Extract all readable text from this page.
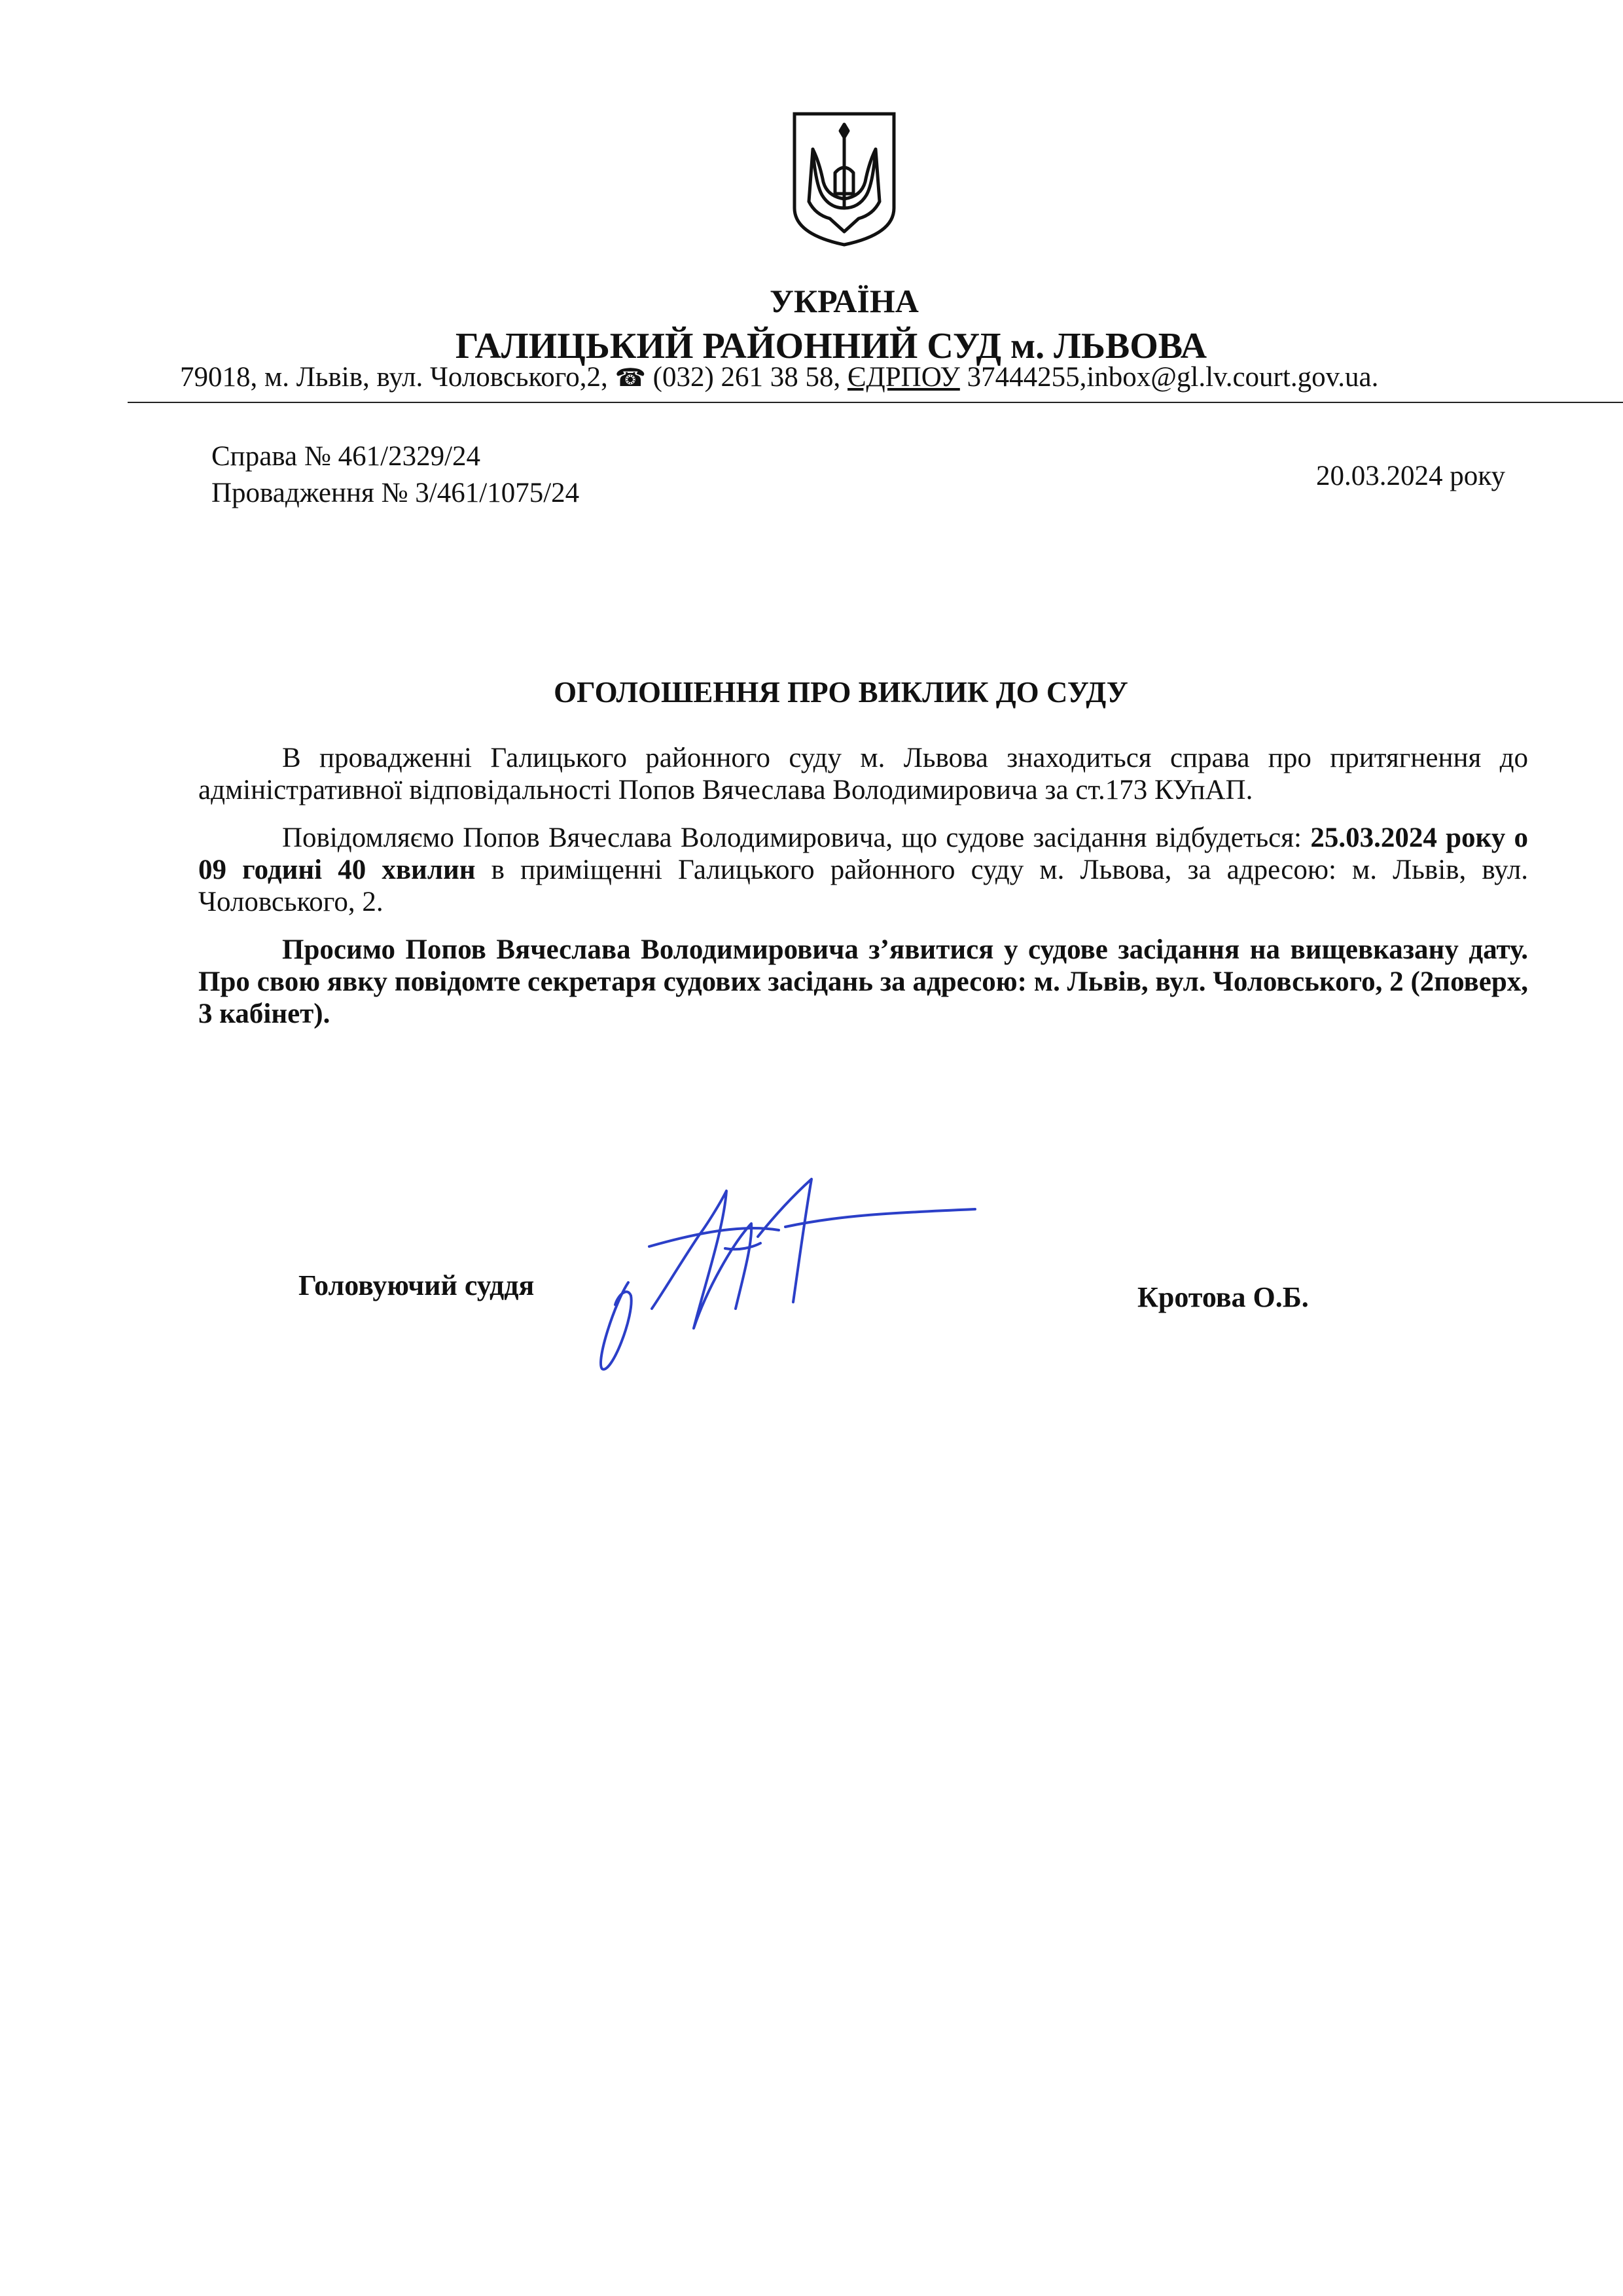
УКРАЇНА
ГАЛИЦЬКИЙ РАЙОННИЙ СУД м. ЛЬВОВА
79018, м. Львів, вул. Чоловського,2, ☎ (032) 261 38 58, ЄДРПОУ 37444255,inbox@gl.lv.court.gov.ua.
Справа № 461/2329/24
Провадження № 3/461/1075/24
20.03.2024 року
ОГОЛОШЕННЯ ПРО ВИКЛИК ДО СУДУ

В провадженні Галицького районного суду м. Львова знаходиться справа про притягнення до адміністративної відповідальності Попов Вячеслава Володимировича за ст.173 КУпАП.

Повідомляємо Попов Вячеслава Володимировича, що судове засідання відбудеться: 25.03.2024 року о 09 годині 40 хвилин в приміщенні Галицького районного суду м. Львова, за адресою: м. Львів, вул. Чоловського, 2.

Просимо Попов Вячеслава Володимировича з’явитися у судове засідання на вищевказану дату. Про свою явку повідомте секретаря судових засідань за адресою: м. Львів, вул. Чоловського, 2 (2поверх, 3 кабінет).

Головуючий суддя	Кротова О.Б.
